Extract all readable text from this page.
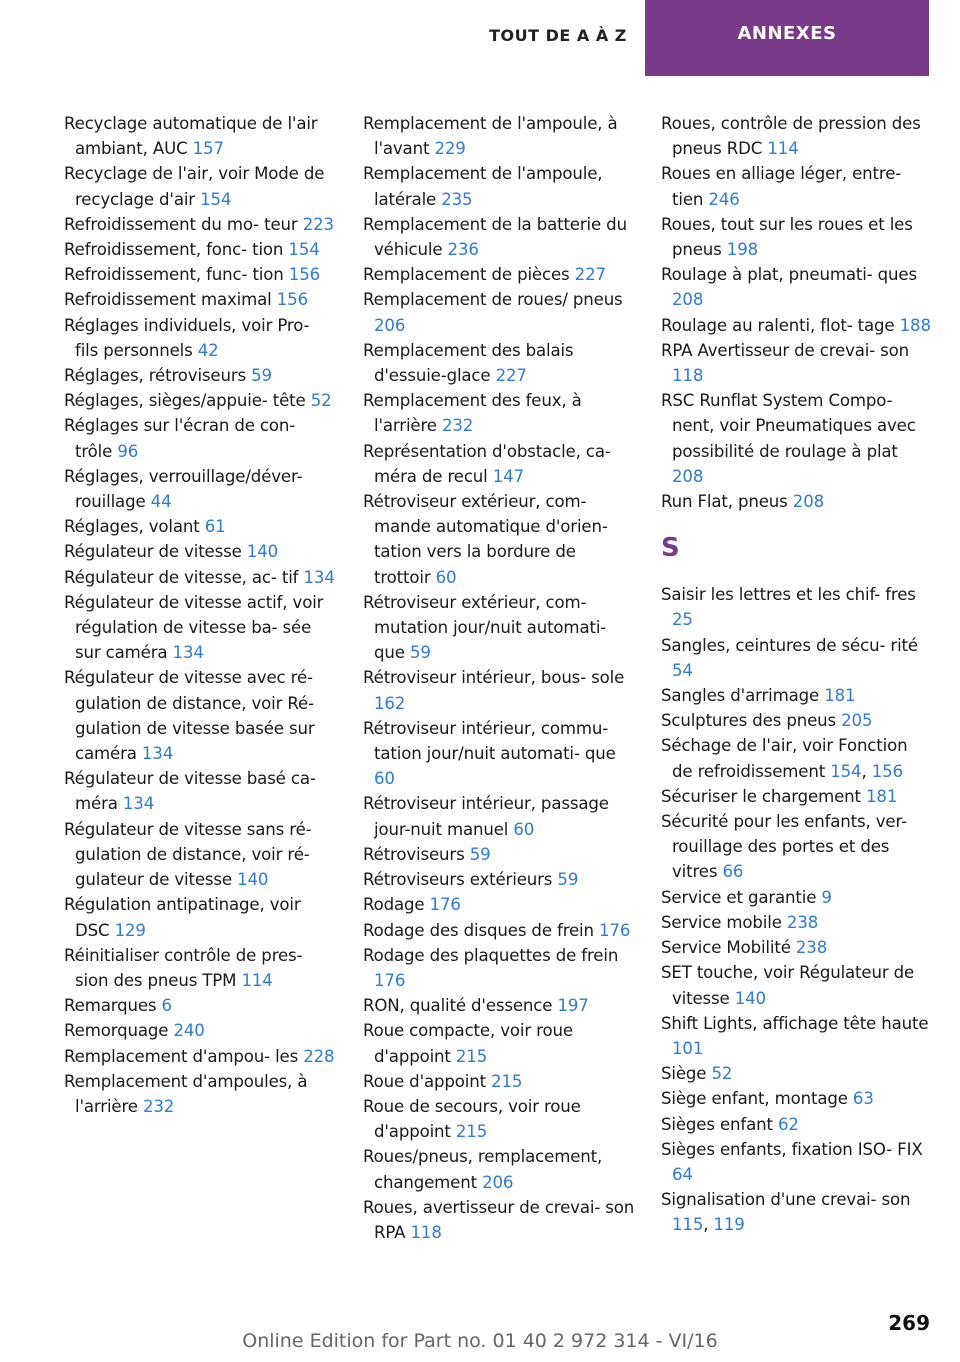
TOUT DE A À Z	ANNEXES

Recyclage automatique de l'air ambiant, AUC 157

Recyclage de l'air, voir Mode de recyclage d'air 154

Refroidissement du mo- teur 223

Refroidissement, fonc- tion 154

Refroidissement, func- tion 156

Refroidissement maximal 156

Réglages individuels, voir Pro- fils personnels 42

Réglages, rétroviseurs 59

Réglages, sièges/appuie- tête 52

Réglages sur l'écran de con- trôle 96

Réglages, verrouillage/déver- rouillage 44

Réglages, volant 61

Régulateur de vitesse 140

Régulateur de vitesse, ac- tif 134

Régulateur de vitesse actif, voir régulation de vitesse ba- sée sur caméra 134

Régulateur de vitesse avec ré- gulation de distance, voir Ré- gulation de vitesse basée sur caméra 134

Régulateur de vitesse basé ca- méra 134

Régulateur de vitesse sans ré- gulation de distance, voir ré- gulateur de vitesse 140

Régulation antipatinage, voir DSC 129

Réinitialiser contrôle de pres- sion des pneus TPM 114

Remarques 6

Remorquage 240

Remplacement d'ampou- les 228

Remplacement d'ampoules, à l'arrière 232

Remplacement de l'ampoule, à l'avant 229

Remplacement de l'ampoule, latérale 235

Remplacement de la batterie du véhicule 236

Remplacement de pièces 227

Remplacement de roues/ pneus 206

Remplacement des balais d'essuie-glace 227

Remplacement des feux, à l'arrière 232

Représentation d'obstacle, ca- méra de recul 147

Rétroviseur extérieur, com- mande automatique d'orien- tation vers la bordure de trottoir 60

Rétroviseur extérieur, com- mutation jour/nuit automati- que 59

Rétroviseur intérieur, bous- sole 162

Rétroviseur intérieur, commu- tation jour/nuit automati- que 60

Rétroviseur intérieur, passage jour-nuit manuel 60

Rétroviseurs 59

Rétroviseurs extérieurs 59

Rodage 176

Rodage des disques de frein 176

Rodage des plaquettes de frein 176

RON, qualité d'essence 197

Roue compacte, voir roue d'appoint 215

Roue d'appoint 215

Roue de secours, voir roue d'appoint 215

Roues/pneus, remplacement, changement 206

Roues, avertisseur de crevai- son RPA 118

Roues, contrôle de pression des pneus RDC 114

Roues en alliage léger, entre- tien 246

Roues, tout sur les roues et les pneus 198

Roulage à plat, pneumati- ques 208

Roulage au ralenti, flot- tage 188

RPA Avertisseur de crevai- son 118

RSC Runflat System Compo- nent, voir Pneumatiques avec possibilité de roulage à plat 208

Run Flat, pneus 208

S

Saisir les lettres et les chif- fres 25

Sangles, ceintures de sécu- rité 54

Sangles d'arrimage 181

Sculptures des pneus 205

Séchage de l'air, voir Fonction de refroidissement 154, 156

Sécuriser le chargement 181

Sécurité pour les enfants, ver- rouillage des portes et des vitres 66

Service et garantie 9

Service mobile 238

Service Mobilité 238

SET touche, voir Régulateur de vitesse 140

Shift Lights, affichage tête haute 101

Siège 52

Siège enfant, montage 63

Sièges enfant 62

Sièges enfants, fixation ISO- FIX 64

Signalisation d'une crevai- son 115, 119

269
Online Edition for Part no. 01 40 2 972 314 - VI/16
